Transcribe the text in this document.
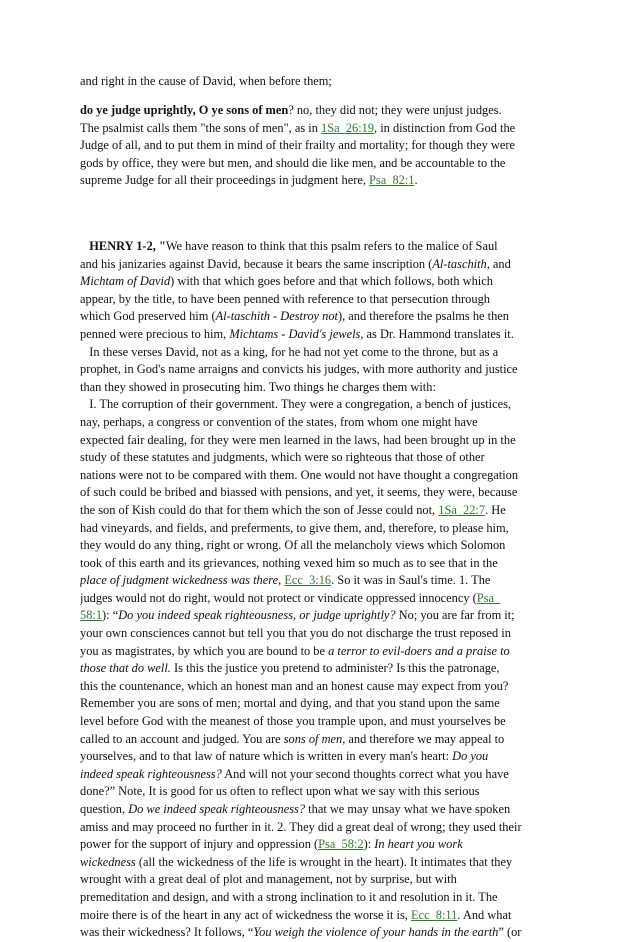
and right in the cause of David, when before them;
do ye judge uprightly, O ye sons of men? no, they did not; they were unjust judges.
The psalmist calls them "the sons of men", as in 1Sa_26:19, in distinction from God the
Judge of all, and to put them in mind of their frailty and mortality; for though they were
gods by office, they were but men, and should die like men, and be accountable to the
supreme Judge for all their proceedings in judgment here, Psa_82:1.
HENRY 1-2, "We have reason to think that this psalm refers to the malice of Saul
and his janizaries against David, because it bears the same inscription (Al-taschith, and
Michtam of David) with that which goes before and that which follows, both which
appear, by the title, to have been penned with reference to that persecution through
which God preserved him (Al-taschith - Destroy not), and therefore the psalms he then
penned were precious to him, Michtams - David's jewels, as Dr. Hammond translates it.
In these verses David, not as a king, for he had not yet come to the throne, but as a
prophet, in God's name arraigns and convicts his judges, with more authority and justice
than they showed in prosecuting him. Two things he charges them with:
I. The corruption of their government. They were a congregation, a bench of justices,
nay, perhaps, a congress or convention of the states, from whom one might have
expected fair dealing, for they were men learned in the laws, had been brought up in the
study of these statutes and judgments, which were so righteous that those of other
nations were not to be compared with them. One would not have thought a congregation
of such could be bribed and biassed with pensions, and yet, it seems, they were, because
the son of Kish could do that for them which the son of Jesse could not, 1Sa_22:7. He
had vineyards, and fields, and preferments, to give them, and, therefore, to please him,
they would do any thing, right or wrong. Of all the melancholy views which Solomon
took of this earth and its grievances, nothing vexed him so much as to see that in the
place of judgment wickedness was there, Ecc_3:16. So it was in Saul's time. 1. The
judges would not do right, would not protect or vindicate oppressed innocency (Psa_
58:1): “Do you indeed speak righteousness, or judge uprightly? No; you are far from it;
your own consciences cannot but tell you that you do not discharge the trust reposed in
you as magistrates, by which you are bound to be a terror to evil-doers and a praise to
those that do well. Is this the justice you pretend to administer? Is this the patronage,
this the countenance, which an honest man and an honest cause may expect from you?
Remember you are sons of men; mortal and dying, and that you stand upon the same
level before God with the meanest of those you trample upon, and must yourselves be
called to an account and judged. You are sons of men, and therefore we may appeal to
yourselves, and to that law of nature which is written in every man's heart: Do you
indeed speak righteousness? And will not your second thoughts correct what you have
done?” Note, It is good for us often to reflect upon what we say with this serious
question, Do we indeed speak righteousness? that we may unsay what we have spoken
amiss and may proceed no further in it. 2. They did a great deal of wrong; they used their
power for the support of injury and oppression (Psa_58:2): In heart you work
wickedness (all the wickedness of the life is wrought in the heart). It intimates that they
wrought with a great deal of plot and management, not by surprise, but with
premeditation and design, and with a strong inclination to it and resolution in it. The
moire there is of the heart in any act of wickedness the worse it is, Ecc_8:11. And what
was their wickedness? It follows, “You weigh the violence of your hands in the earth” (or
